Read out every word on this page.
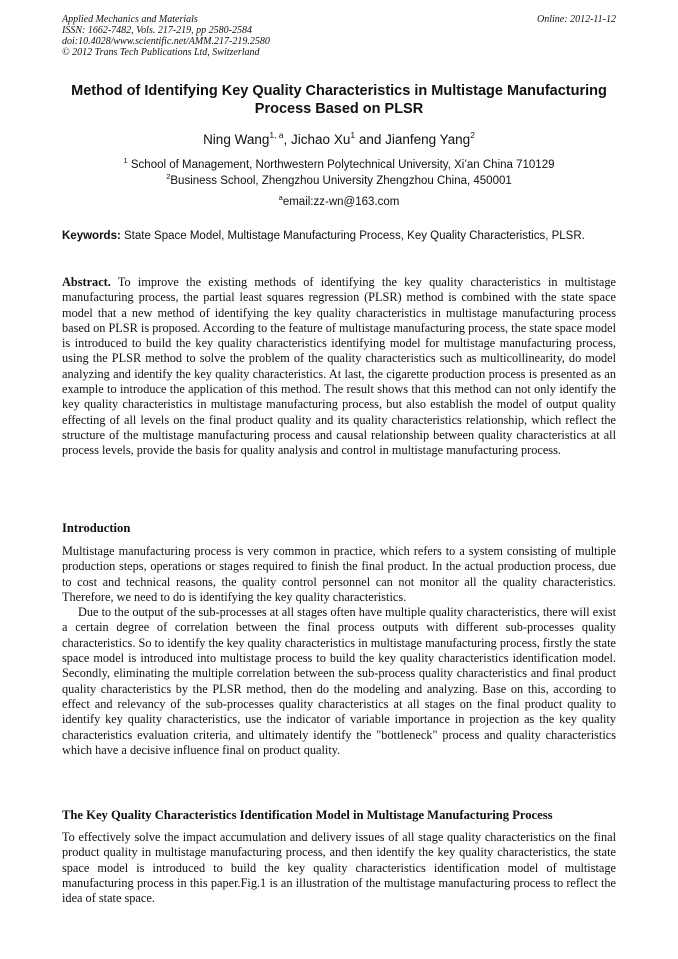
Applied Mechanics and Materials
ISSN: 1662-7482, Vols. 217-219, pp 2580-2584
doi:10.4028/www.scientific.net/AMM.217-219.2580
© 2012 Trans Tech Publications Ltd, Switzerland
Online: 2012-11-12
Method of Identifying Key Quality Characteristics in Multistage Manufacturing Process Based on PLSR
Ning Wang$^{1, a}$, Jichao Xu$^1$ and Jianfeng Yang$^2$
$^1$ School of Management, Northwestern Polytechnical University, Xi’an China 710129
$^2$Business School, Zhengzhou University Zhengzhou China, 450001
$^a$email:zz-wn@163.com
Keywords: State Space Model, Multistage Manufacturing Process, Key Quality Characteristics, PLSR.
Abstract. To improve the existing methods of identifying the key quality characteristics in multistage manufacturing process, the partial least squares regression (PLSR) method is combined with the state space model that a new method of identifying the key quality characteristics in multistage manufacturing process based on PLSR is proposed. According to the feature of multistage manufacturing process, the state space model is introduced to build the key quality characteristics identifying model for multistage manufacturing process, using the PLSR method to solve the problem of the quality characteristics such as multicollinearity, do model analyzing and identify the key quality characteristics. At last, the cigarette production process is presented as an example to introduce the application of this method. The result shows that this method can not only identify the key quality characteristics in multistage manufacturing process, but also establish the model of output quality effecting of all levels on the final product quality and its quality characteristics relationship, which reflect the structure of the multistage manufacturing process and causal relationship between quality characteristics at all process levels, provide the basis for quality analysis and control in multistage manufacturing process.
Introduction

Multistage manufacturing process is very common in practice, which refers to a system consisting of multiple production steps, operations or stages required to finish the final product. In the actual production process, due to cost and technical reasons, the quality control personnel can not monitor all the quality characteristics. Therefore, we need to do is identifying the key quality characteristics.

Due to the output of the sub-processes at all stages often have multiple quality characteristics, there will exist a certain degree of correlation between the final process outputs with different sub-processes quality characteristics. So to identify the key quality characteristics in multistage manufacturing process, firstly the state space model is introduced into multistage process to build the key quality characteristics identification model. Secondly, eliminating the multiple correlation between the sub-process quality characteristics and final product quality characteristics by the PLSR method, then do the modeling and analyzing. Base on this, according to effect and relevancy of the sub-processes quality characteristics at all stages on the final product quality to identify key quality characteristics, use the indicator of variable importance in projection as the key quality characteristics evaluation criteria, and ultimately identify the "bottleneck" process and quality characteristics which have a decisive influence final on product quality.

The Key Quality Characteristics Identification Model in Multistage Manufacturing Process
To effectively solve the impact accumulation and delivery issues of all stage quality characteristics on the final product quality in multistage manufacturing process, and then identify the key quality characteristics, the state space model is introduced to build the key quality characteristics identification model of multistage manufacturing process in this paper.Fig.1 is an illustration of the multistage manufacturing process to reflect the idea of state space.
